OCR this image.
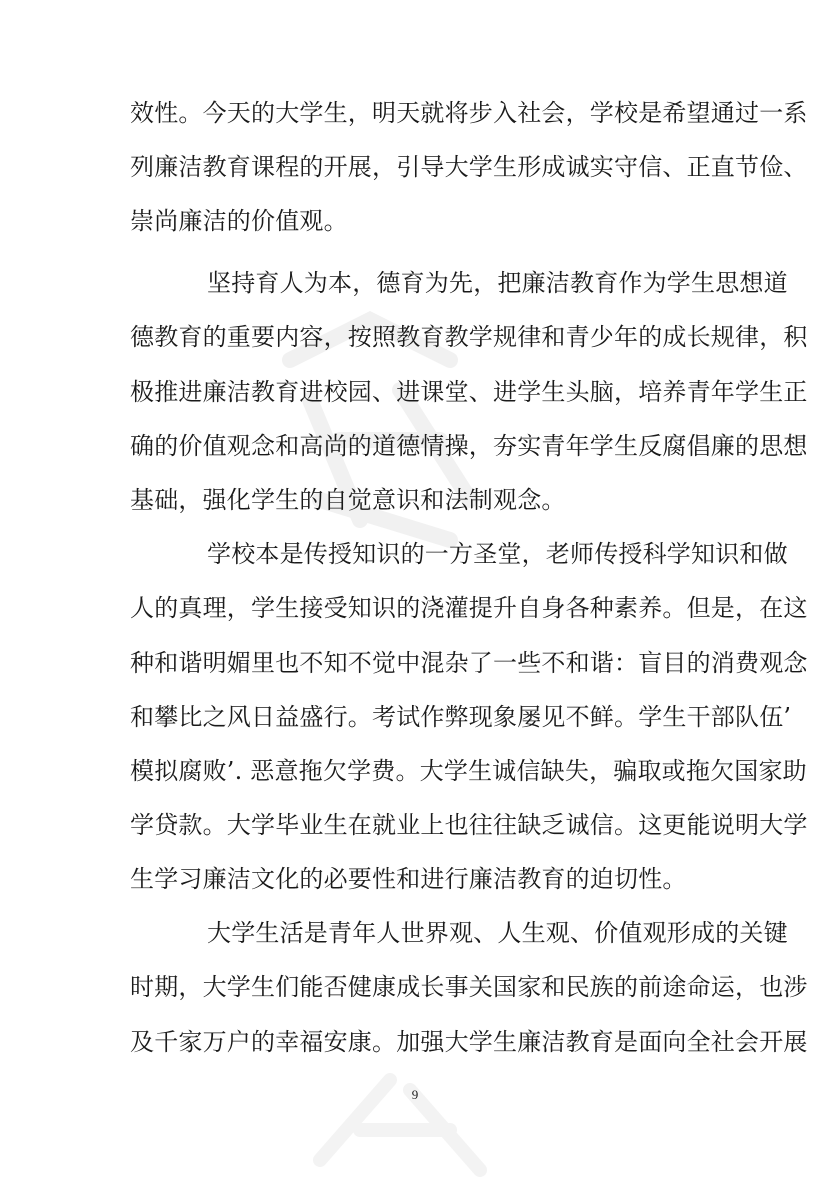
效性。今天的大学生，明天就将步入社会，学校是希望通过一系
列廉洁教育课程的开展，引导大学生形成诚实守信、正直节俭、
崇尚廉洁的价值观。
坚持育人为本，德育为先，把廉洁教育作为学生思想道
德教育的重要内容，按照教育教学规律和青少年的成长规律，积
极推进廉洁教育进校园、进课堂、进学生头脑，培养青年学生正
确的价值观念和高尚的道德情操，夯实青年学生反腐倡廉的思想
基础，强化学生的自觉意识和法制观念。
学校本是传授知识的一方圣堂，老师传授科学知识和做
人的真理，学生接受知识的浇灌提升自身各种素养。但是，在这
种和谐明媚里也不知不觉中混杂了一些不和谐：盲目的消费观念
和攀比之风日益盛行。考试作弊现象屡见不鲜。学生干部队伍’
模拟腐败’. 恶意拖欠学费。大学生诚信缺失，骗取或拖欠国家助
学贷款。大学毕业生在就业上也往往缺乏诚信。这更能说明大学
生学习廉洁文化的必要性和进行廉洁教育的迫切性。
大学生活是青年人世界观、人生观、价值观形成的关键
时期，大学生们能否健康成长事关国家和民族的前途命运，也涉
及千家万户的幸福安康。加强大学生廉洁教育是面向全社会开展
9
